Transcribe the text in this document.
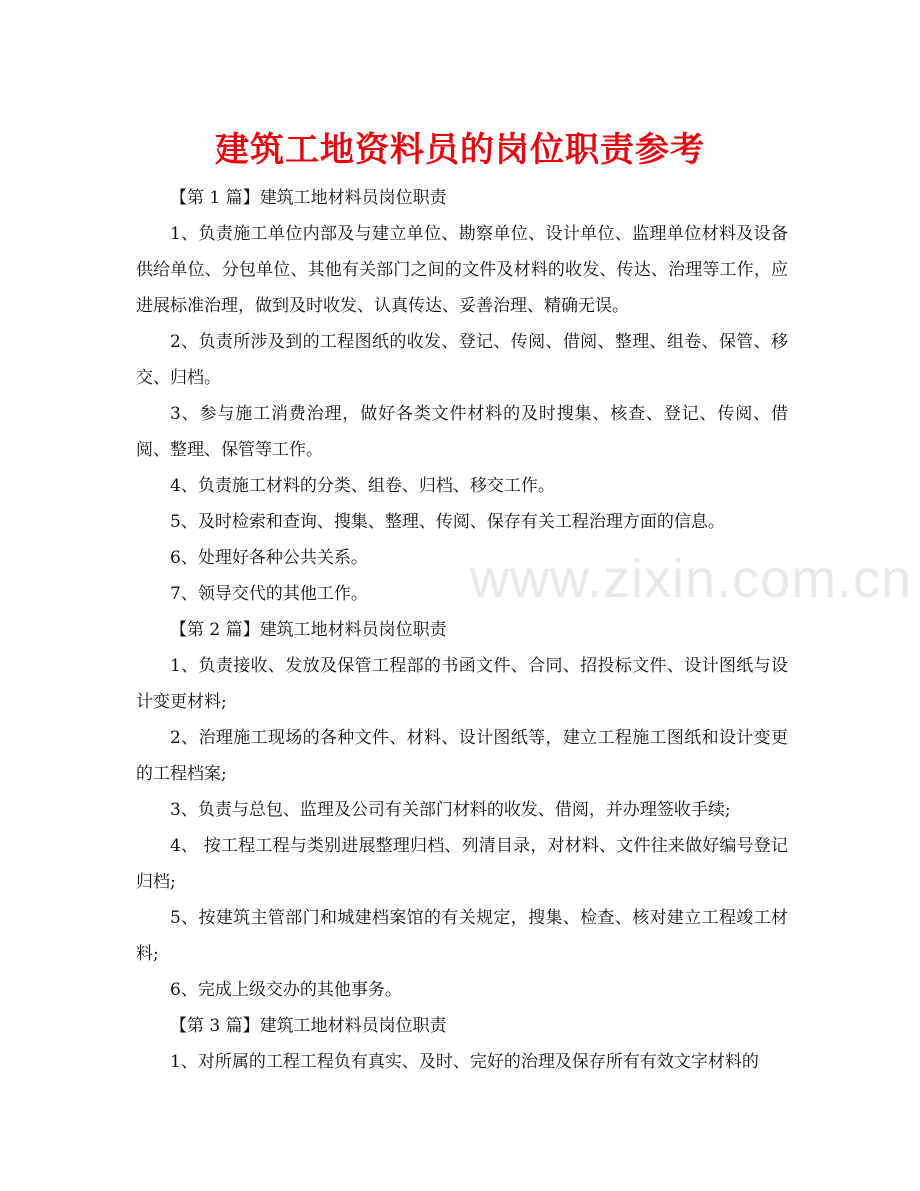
建筑工地资料员的岗位职责参考

【第 1 篇】建筑工地材料员岗位职责

1、负责施工单位内部及与建立单位、勘察单位、设计单位、监理单位材料及设备供给单位、分包单位、其他有关部门之间的文件及材料的收发、传达、治理等工作，应进展标准治理，做到及时收发、认真传达、妥善治理、精确无误。

2、负责所涉及到的工程图纸的收发、登记、传阅、借阅、整理、组卷、保管、移交、归档。

3、参与施工消费治理，做好各类文件材料的及时搜集、核查、登记、传阅、借阅、整理、保管等工作。

4、负责施工材料的分类、组卷、归档、移交工作。

5、及时检索和查询、搜集、整理、传阅、保存有关工程治理方面的信息。

6、处理好各种公共关系。

7、领导交代的其他工作。

【第 2 篇】建筑工地材料员岗位职责

1、负责接收、发放及保管工程部的书函文件、合同、招投标文件、设计图纸与设计变更材料;

2、治理施工现场的各种文件、材料、设计图纸等，建立工程施工图纸和设计变更的工程档案;

3、负责与总包、监理及公司有关部门材料的收发、借阅，并办理签收手续;

4、 按工程工程与类别进展整理归档、列清目录，对材料、文件往来做好编号登记归档;

5、按建筑主管部门和城建档案馆的有关规定，搜集、检查、核对建立工程竣工材料;

6、完成上级交办的其他事务。

【第 3 篇】建筑工地材料员岗位职责

1、对所属的工程工程负有真实、及时、完好的治理及保存所有有效文字材料的

www.zixin.com.cn
